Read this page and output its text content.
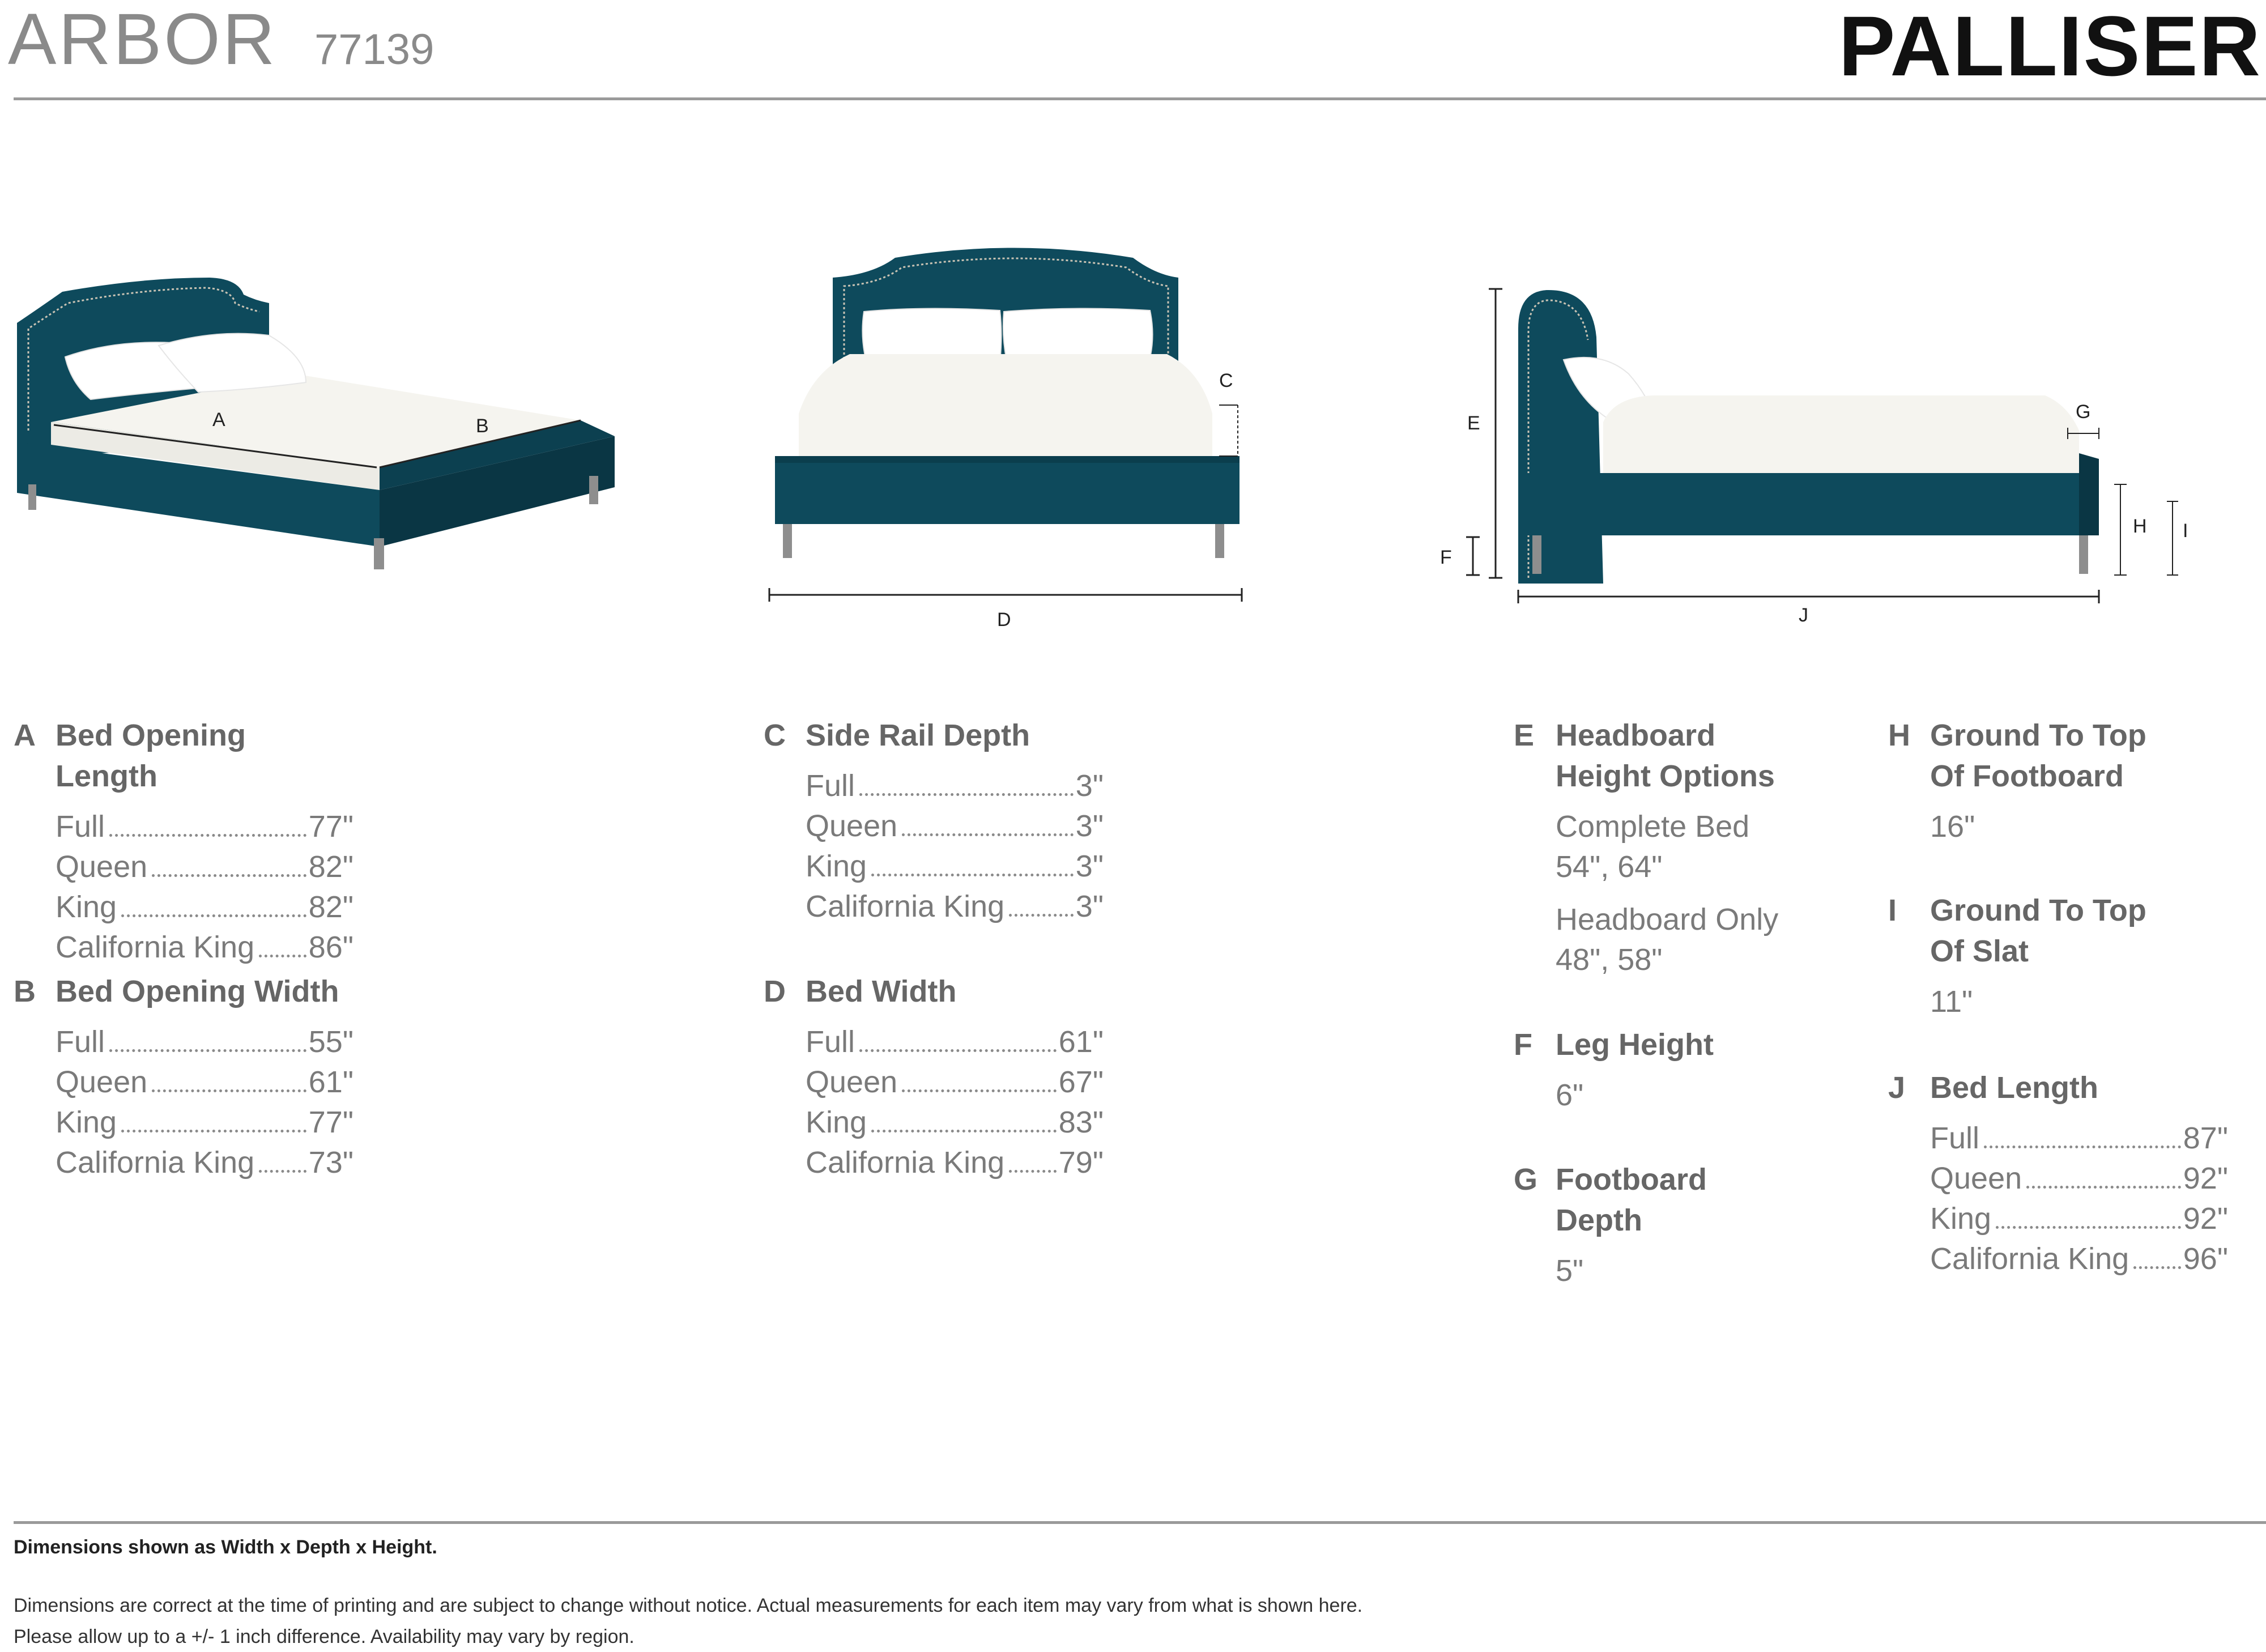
ARBOR 77139	PALLISER
A	B
C
D
E
F
G
H I
J
A Bed Opening Length
Full	77"
Queen	82"
King	82"
California King 86"
B Bed Opening Width
Full	55"
Queen	61"
King	77"
California King 73"
C Side Rail Depth
Full	3"
Queen	3"
King	3"
California King 3"
D Bed Width
Full	61"
Queen	67"
King	83"
California King 79"
E Headboard
Height Options
Complete Bed
54", 64"
Headboard Only
48", 58"
F Leg Height
6"
G Footboard
Depth
5"
H Ground To Top
Of Footboard
16"
I	Ground To Top
Of Slat
11"
J Bed Length
Full	87"
Queen	92"
King	92"
California King 96"
Dimensions shown as Width x Depth x Height.
Dimensions are correct at the time of printing and are subject to change without notice. Actual measurements for each item may vary from what is shown here.
Please allow up to a +/- 1 inch difference. Availability may vary by region.
